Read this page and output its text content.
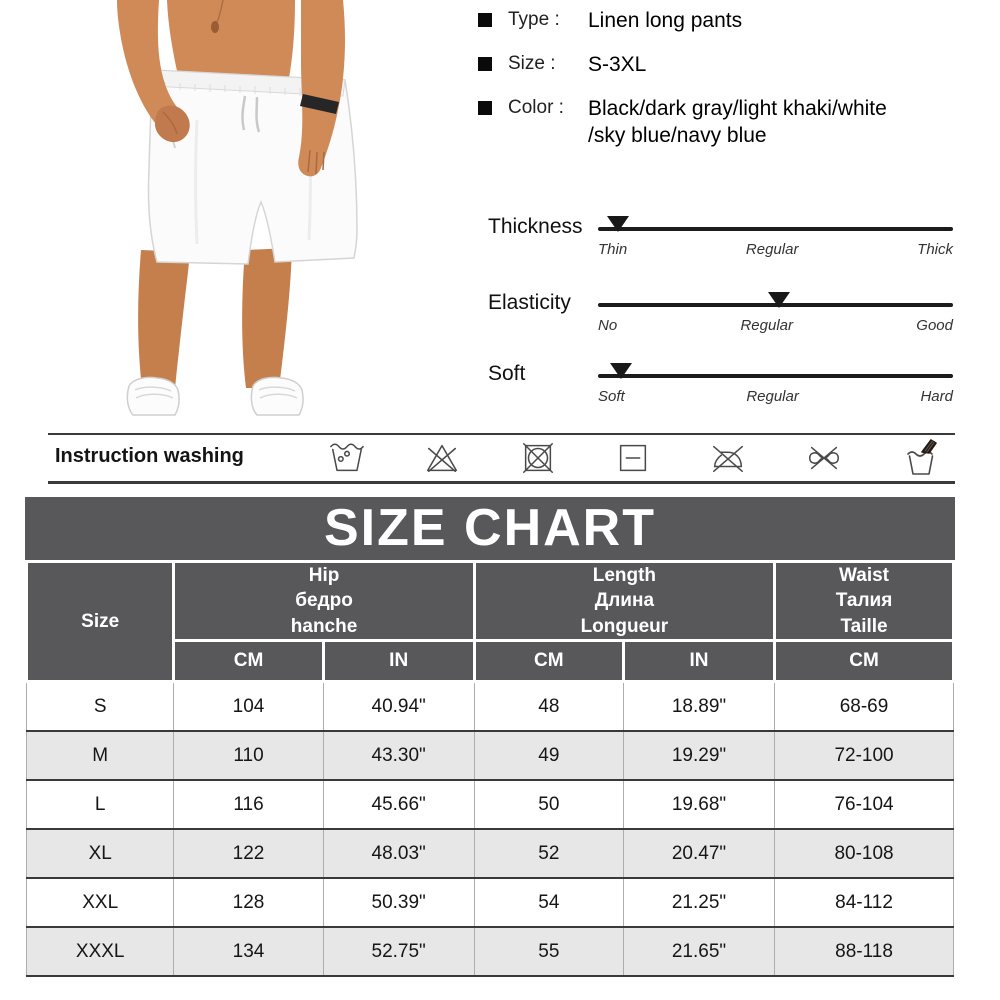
Type :	Linen long pants
Size :	S-3XL
Color :	Black/dark gray/light khaki/white
/sky blue/navy blue
Thickness
Thin	Regular	Thick
Elasticity
No	Regular	Good
Soft
Soft	Regular	Hard
Instruction washing
SIZE CHART
Size	
Hip
бедро
hanche

Length
Длина
Longueur

Waist
Талия
Taille

	CM	IN	CM	IN	CM
S	104	40.94"	48	18.89"	68-69
M	110	43.30"	49	19.29"	72-100
L	116	45.66"	50	19.68"	76-104
XL	122	48.03"	52	20.47"	80-108
XXL	128	50.39"	54	21.25"	84-112
XXXL	134	52.75"	55	21.65"	88-118
